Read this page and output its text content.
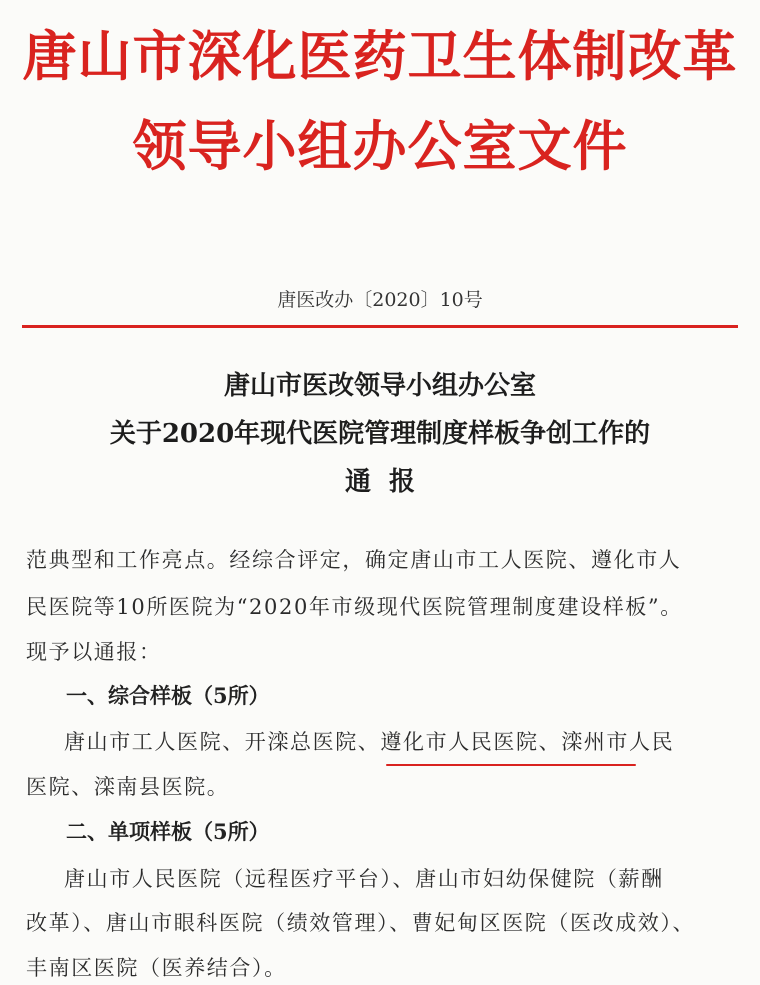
唐山市深化医药卫生体制改革
领导小组办公室文件
唐医改办〔2020〕10号
唐山市医改领导小组办公室
关于2020年现代医院管理制度样板争创工作的
通报
范典型和工作亮点。经综合评定，确定唐山市工人医院、遵化市人
民医院等10所医院为“2020年市级现代医院管理制度建设样板”。
现予以通报：
一、综合样板（5所）
唐山市工人医院、开滦总医院、遵化市人民医院、滦州市人民
医院、滦南县医院。
二、单项样板（5所）
唐山市人民医院（远程医疗平台）、唐山市妇幼保健院（薪酬
改革）、唐山市眼科医院（绩效管理）、曹妃甸区医院（医改成效）、
丰南区医院（医养结合）。
